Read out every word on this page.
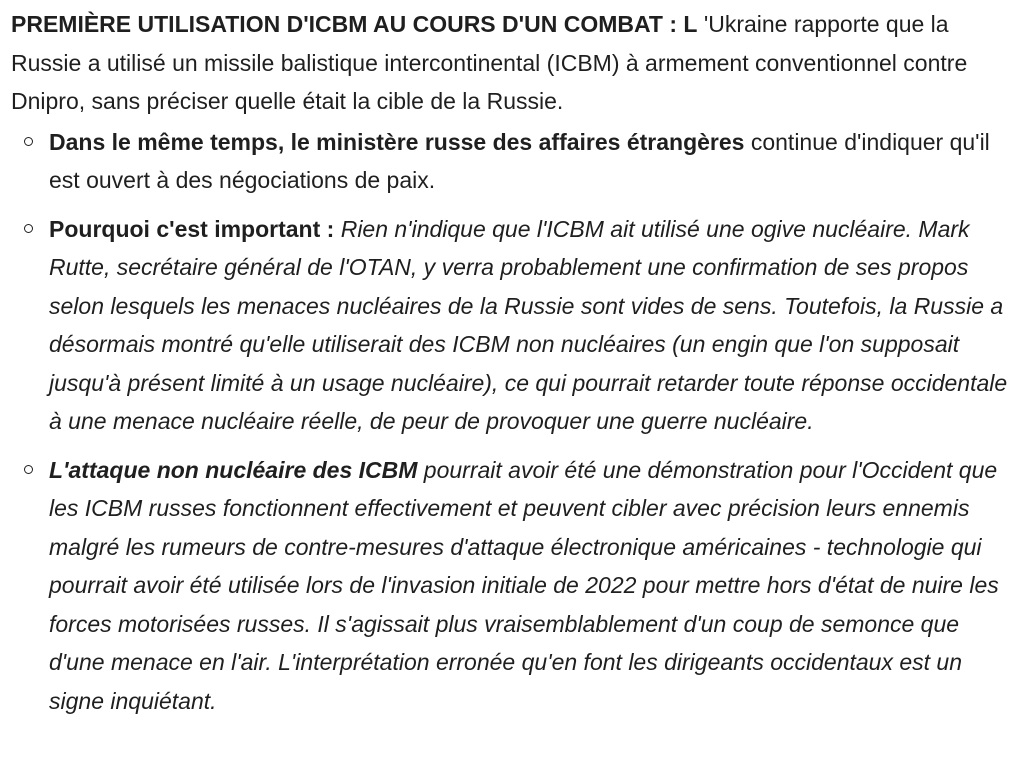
PREMIÈRE UTILISATION D'ICBM AU COURS D'UN COMBAT : L 'Ukraine rapporte que la Russie a utilisé un missile balistique intercontinental (ICBM) à armement conventionnel contre Dnipro, sans préciser quelle était la cible de la Russie.

Dans le même temps, le ministère russe des affaires étrangères continue d'indiquer qu'il est ouvert à des négociations de paix.
Pourquoi c'est important : Rien n'indique que l'ICBM ait utilisé une ogive nucléaire. Mark Rutte, secrétaire général de l'OTAN, y verra probablement une confirmation de ses propos selon lesquels les menaces nucléaires de la Russie sont vides de sens. Toutefois, la Russie a désormais montré qu'elle utiliserait des ICBM non nucléaires (un engin que l'on supposait jusqu'à présent limité à un usage nucléaire), ce qui pourrait retarder toute réponse occidentale à une menace nucléaire réelle, de peur de provoquer une guerre nucléaire.
L'attaque non nucléaire des ICBM pourrait avoir été une démonstration pour l'Occident que les ICBM russes fonctionnent effectivement et peuvent cibler avec précision leurs ennemis malgré les rumeurs de contre-mesures d'attaque électronique américaines - technologie qui pourrait avoir été utilisée lors de l'invasion initiale de 2022 pour mettre hors d'état de nuire les forces motorisées russes. Il s'agissait plus vraisemblablement d'un coup de semonce que d'une menace en l'air. L'interprétation erronée qu'en font les dirigeants occidentaux est un signe inquiétant.
